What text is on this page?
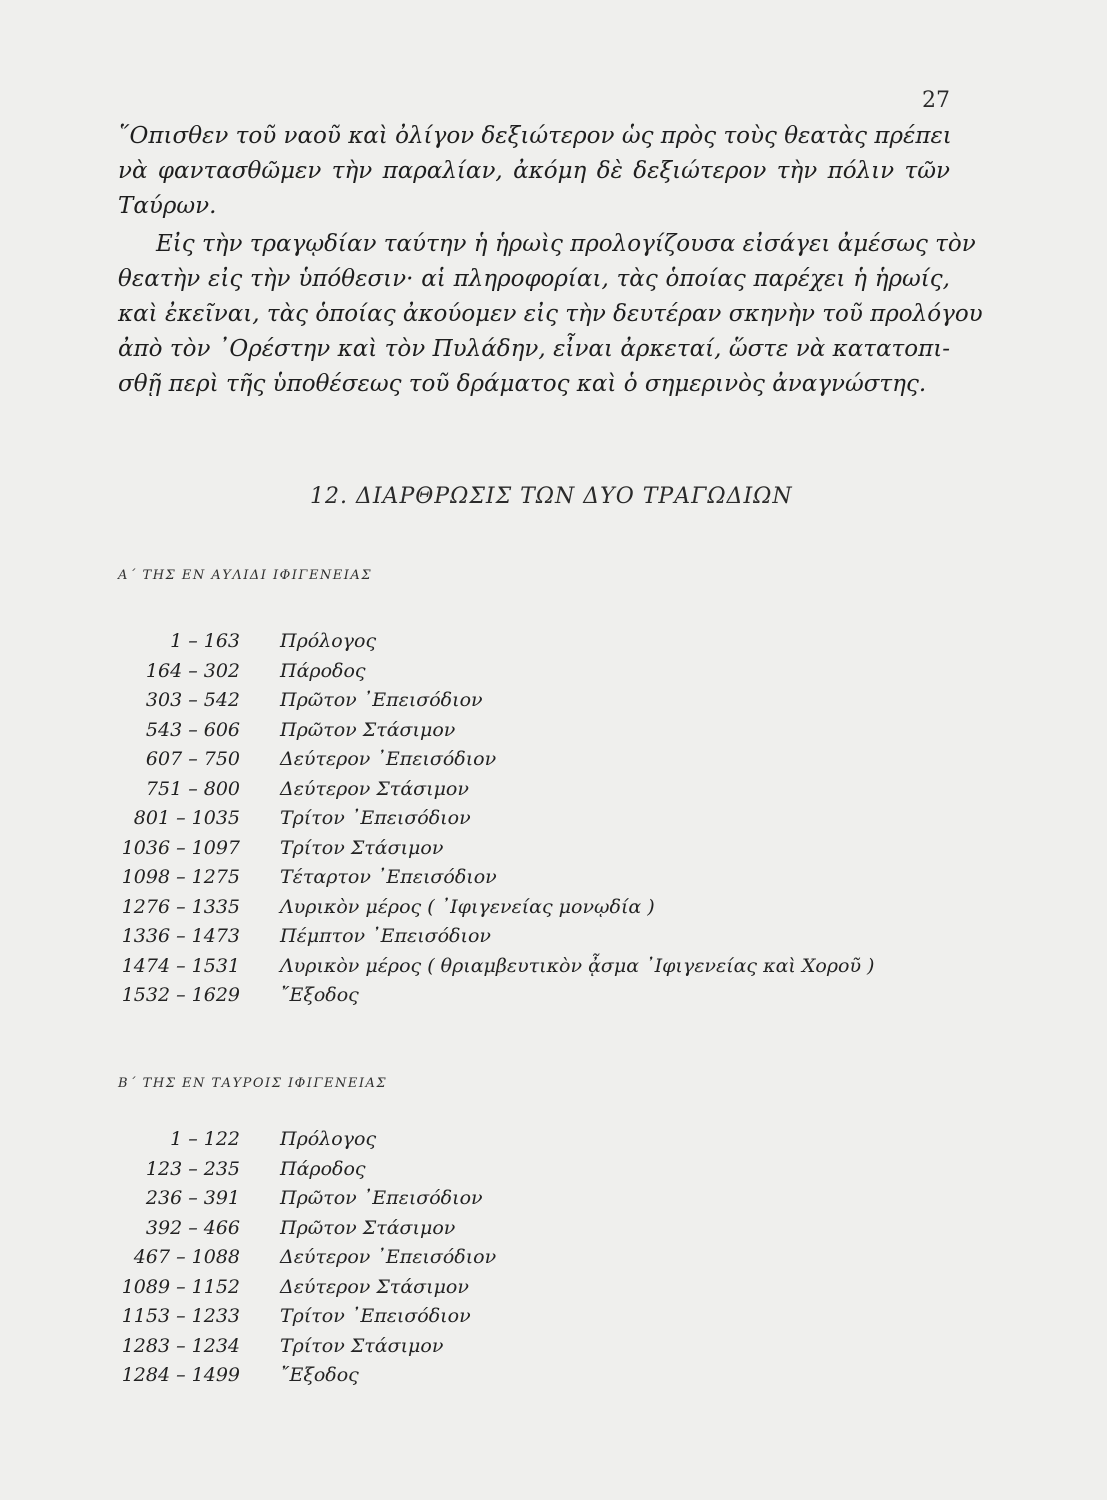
27
῞Οπισθεν τοῦ ναοῦ καὶ ὀλίγον δεξιώτερον ὡς πρὸς τοὺς θεατὰς πρέπει
νὰ φαντασθῶμεν τὴν παραλίαν, ἀκόμη δὲ δεξιώτερον τὴν πόλιν τῶν
Ταύρων.
Εἰς τὴν τραγῳδίαν ταύτην ἡ ἡρωὶς προλογίζουσα εἰσάγει ἀμέσως τὸν
θεατὴν εἰς τὴν ὑπόθεσιν· αἱ πληροφορίαι, τὰς ὁποίας παρέχει ἡ ἡρωίς,
καὶ ἐκεῖναι, τὰς ὁποίας ἀκούομεν εἰς τὴν δευτέραν σκηνὴν τοῦ προλόγου
ἀπὸ τὸν ᾿Ορέστην καὶ τὸν Πυλάδην, εἶναι ἀρκεταί, ὥστε νὰ κατατοπι-
σθῇ περὶ τῆς ὑποθέσεως τοῦ δράματος καὶ ὁ σημερινὸς ἀναγνώστης.
12. ΔΙΑΡΘΡΩΣΙΣ ΤΩΝ ΔΥΟ ΤΡΑΓΩΔΙΩΝ
Α΄ ΤΗΣ ΕΝ ΑΥΛΙΔΙ ΙΦΙΓΕΝΕΙΑΣ
1 – 163 Πρόλογος
164 – 302 Πάροδος
303 – 542 Πρῶτον ᾿Επεισόδιον
543 – 606 Πρῶτον Στάσιμον
607 – 750 Δεύτερον ᾿Επεισόδιον
751 – 800 Δεύτερον Στάσιμον
801 – 1035 Τρίτον ᾿Επεισόδιον
1036 – 1097 Τρίτον Στάσιμον
1098 – 1275 Τέταρτον ᾿Επεισόδιον
1276 – 1335 Λυρικὸν μέρος ( ᾿Ιφιγενείας μονῳδία )
1336 – 1473 Πέμπτον ᾿Επεισόδιον
1474 – 1531 Λυρικὸν μέρος ( θριαμβευτικὸν ᾆσμα ᾿Ιφιγενείας καὶ Χοροῦ )
1532 – 1629 ῎Εξοδος
Β΄ ΤΗΣ ΕΝ ΤΑΥΡΟΙΣ ΙΦΙΓΕΝΕΙΑΣ
1 – 122 Πρόλογος
123 – 235 Πάροδος
236 – 391 Πρῶτον ᾿Επεισόδιον
392 – 466 Πρῶτον Στάσιμον
467 – 1088 Δεύτερον ᾿Επεισόδιον
1089 – 1152 Δεύτερον Στάσιμον
1153 – 1233 Τρίτον ᾿Επεισόδιον
1283 – 1234 Τρίτον Στάσιμον
1284 – 1499 ῎Εξοδος
